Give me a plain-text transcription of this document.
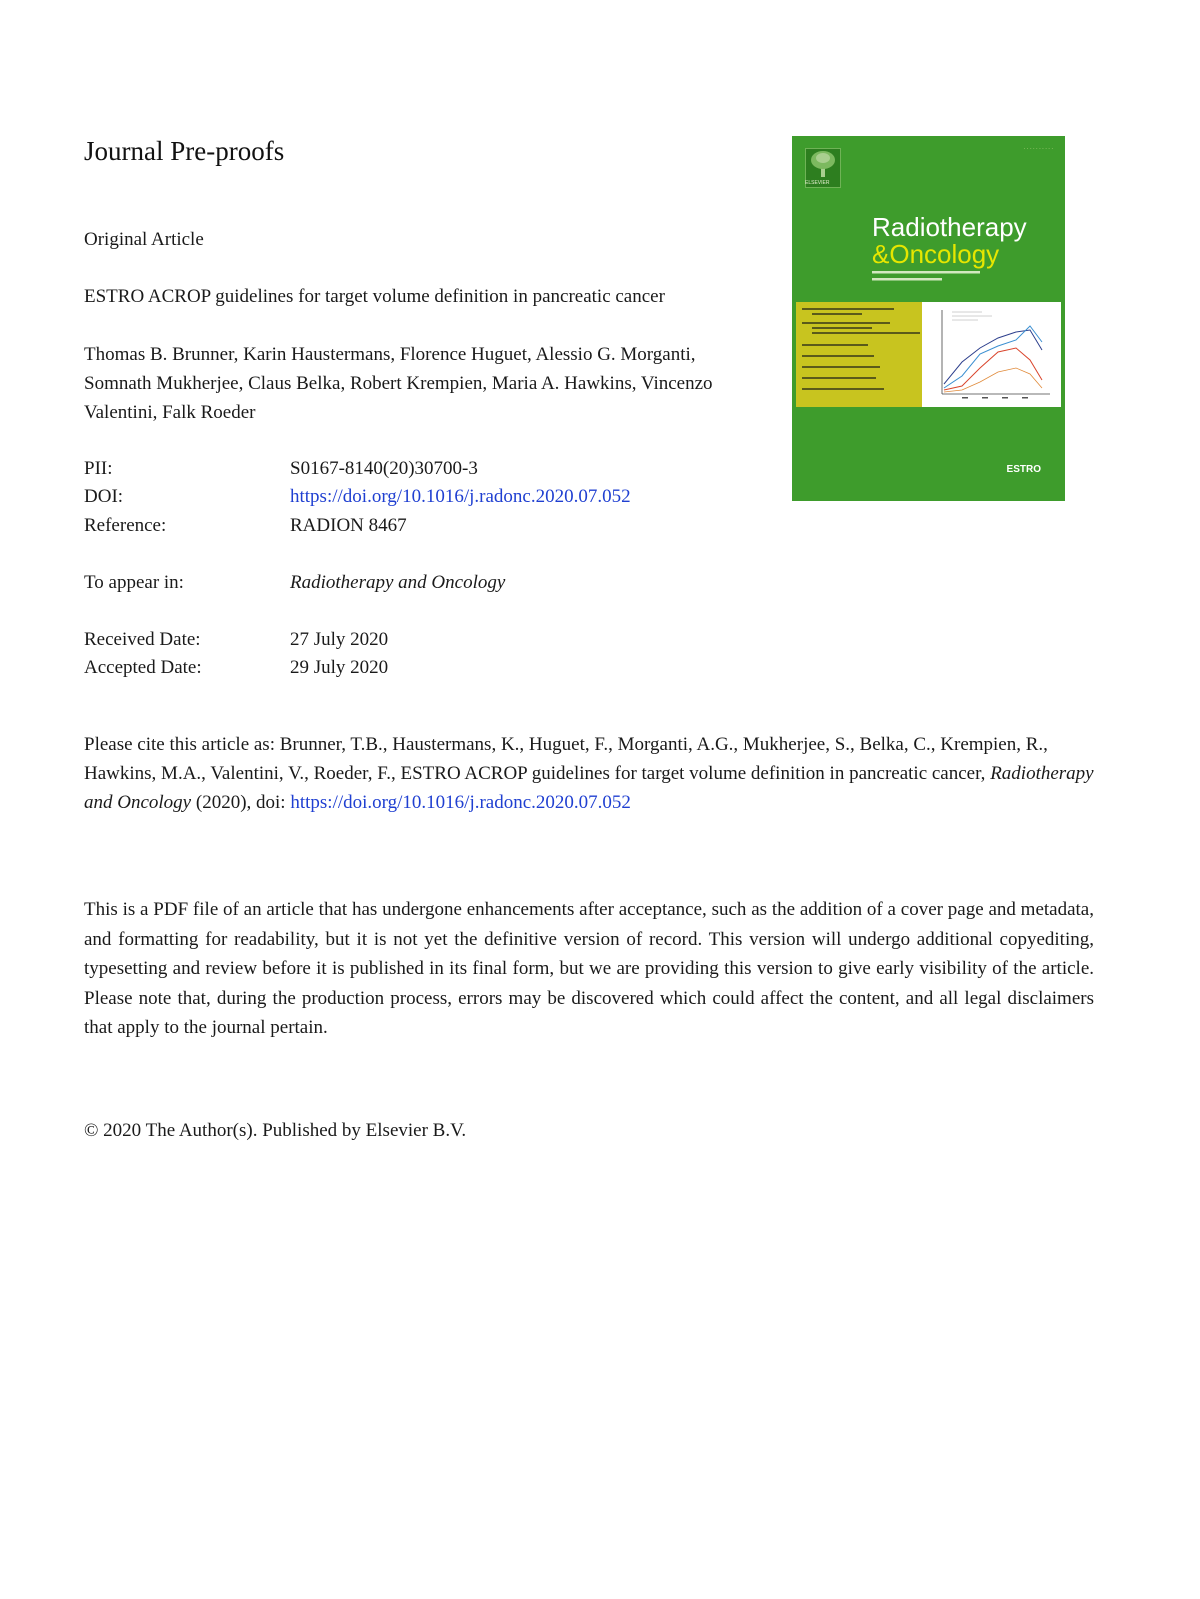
Journal Pre-proofs
Original Article
ESTRO ACROP guidelines for target volume definition in pancreatic cancer
Thomas B. Brunner, Karin Haustermans, Florence Huguet, Alessio G. Morganti, Somnath Mukherjee, Claus Belka, Robert Krempien, Maria A. Hawkins, Vincenzo Valentini, Falk Roeder
PII:	S0167-8140(20)30700-3
DOI:	https://doi.org/10.1016/j.radonc.2020.07.052
Reference:	RADION 8467
To appear in:	Radiotherapy and Oncology
Received Date:	27 July 2020
Accepted Date:	29 July 2020
Please cite this article as: Brunner, T.B., Haustermans, K., Huguet, F., Morganti, A.G., Mukherjee, S., Belka, C., Krempien, R., Hawkins, M.A., Valentini, V., Roeder, F., ESTRO ACROP guidelines for target volume definition in pancreatic cancer, Radiotherapy and Oncology (2020), doi: https://doi.org/10.1016/j.radonc.2020.07.052
This is a PDF file of an article that has undergone enhancements after acceptance, such as the addition of a cover page and metadata, and formatting for readability, but it is not yet the definitive version of record. This version will undergo additional copyediting, typesetting and review before it is published in its final form, but we are providing this version to give early visibility of the article. Please note that, during the production process, errors may be discovered which could affect the content, and all legal disclaimers that apply to the journal pertain.
© 2020 The Author(s). Published by Elsevier B.V.
· · · · · · · · · ·
ELSEVIER
Radiotherapy
&Oncology
ESTRO
